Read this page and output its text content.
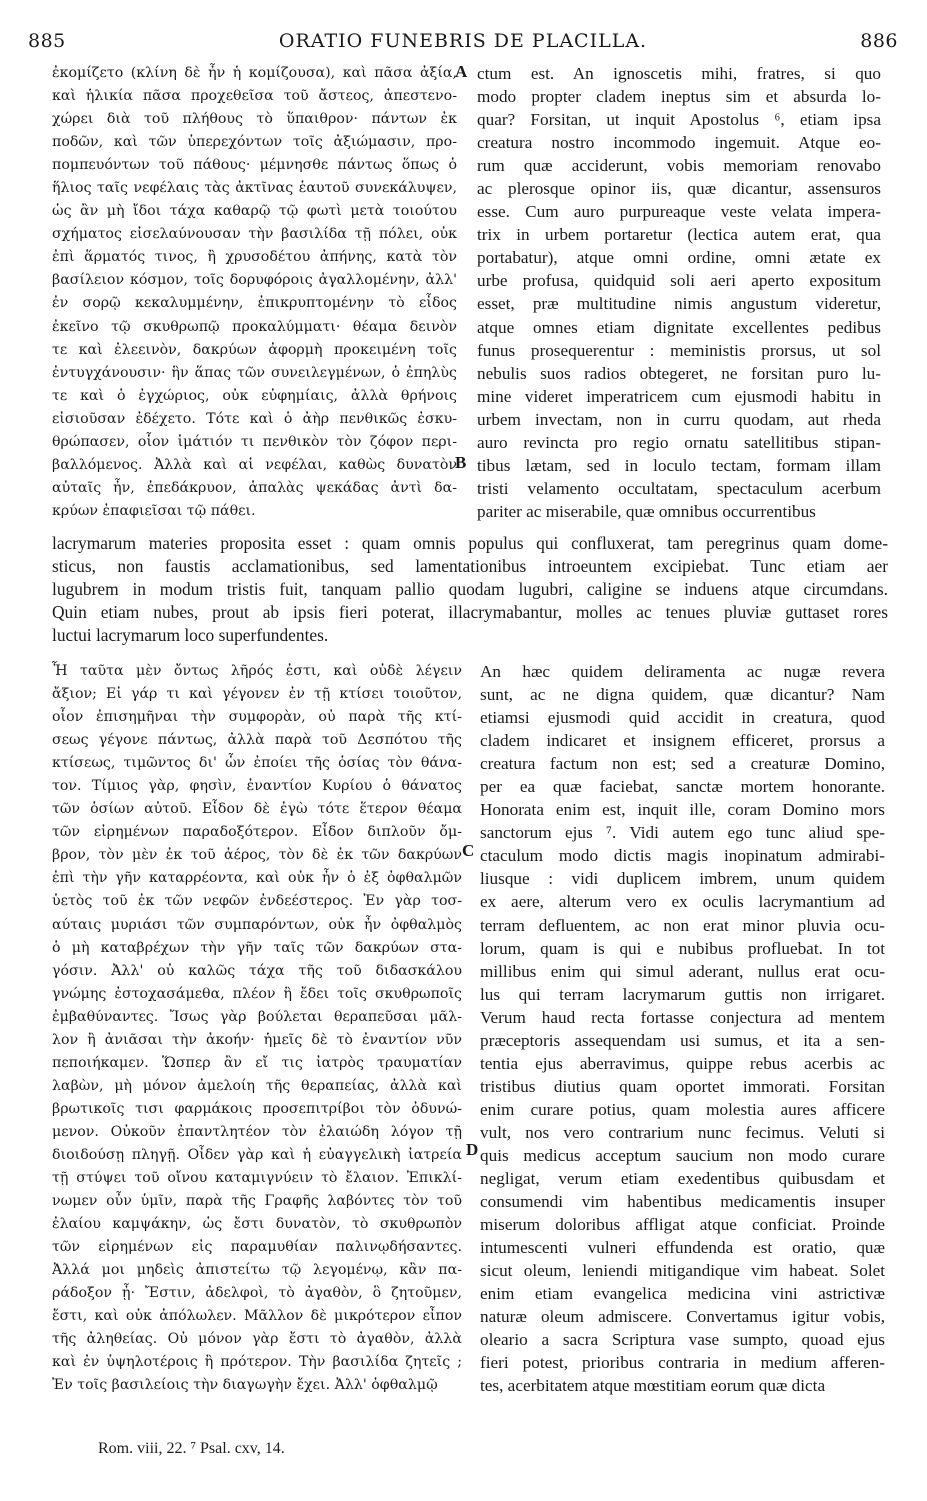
885	ORATIO FUNEBRIS DE PLACILLA.	886
ἐκομίζετο (κλίνη δὲ ἦν ἡ κομίζουσα), καὶ πᾶσα ἀξία,
καὶ ἡλικία πᾶσα προχεθεῖσα τοῦ ἄστεος, ἀπεστενο-
χώρει διὰ τοῦ πλήθους τὸ ὕπαιθρον· πάντων ἐκ
ποδῶν, καὶ τῶν ὑπερεχόντων τοῖς ἀξιώμασιν, προ-
πομπευόντων τοῦ πάθους· μέμνησθε πάντως ὅπως ὁ
ἥλιος ταῖς νεφέλαις τὰς ἀκτῖνας ἑαυτοῦ συνεκάλυψεν,
ὡς ἂν μὴ ἴδοι τάχα καθαρῷ τῷ φωτὶ μετὰ τοιούτου
σχήματος εἰσελαύνουσαν τὴν βασιλίδα τῇ πόλει, οὐκ
ἐπὶ ἅρματός τινος, ἢ χρυσοδέτου ἀπήνης, κατὰ τὸν
βασίλειον κόσμον, τοῖς δορυφόροις ἀγαλλομένην, ἀλλ'
ἐν σορῷ κεκαλυμμένην, ἐπικρυπτομένην τὸ εἶδος
ἐκεῖνο τῷ σκυθρωπῷ προκαλύμματι· θέαμα δεινὸν
τε καὶ ἐλεεινὸν, δακρύων ἀφορμὴ προκειμένη τοῖς
ἐντυγχάνουσιν· ἣν ἅπας τῶν συνειλεγμένων, ὁ ἐπηλὺς
τε καὶ ὁ ἐγχώριος, οὐκ εὐφημίαις, ἀλλὰ θρήνοις
εἰσιοῦσαν ἐδέχετο. Τότε καὶ ὁ ἀὴρ πενθικῶς ἐσκυ-
θρώπασεν, οἷον ἱμάτιόν τι πενθικὸν τὸν ζόφον περι-
βαλλόμενος. Ἀλλὰ καὶ αἱ νεφέλαι, καθὼς δυνατὸν
αὐταῖς ἦν, ἐπεδάκρυον, ἁπαλὰς ψεκάδας ἀντὶ δα-
κρύων ἐπαφιεῖσαι τῷ πάθει.
ctum est. An ignoscetis mihi, fratres, si quo
modo propter cladem ineptus sim et absurda lo-
quar? Forsitan, ut inquit Apostolus ⁶, etiam ipsa
creatura nostro incommodo ingemuit. Atque eo-
rum quæ acciderunt, vobis memoriam renovabo
ac plerosque opinor iis, quæ dicantur, assensuros
esse. Cum auro purpureaque veste velata impera-
trix in urbem portaretur (lectica autem erat, qua
portabatur), atque omni ordine, omni ætate ex
urbe profusa, quidquid soli aeri aperto expositum
esset, præ multitudine nimis angustum videretur,
atque omnes etiam dignitate excellentes pedibus
funus prosequerentur : meministis prorsus, ut sol
nebulis suos radios obtegeret, ne forsitan puro lu-
mine videret imperatricem cum ejusmodi habitu in
urbem invectam, non in curru quodam, aut rheda
auro revincta pro regio ornatu satellitibus stipan-
tibus lætam, sed in loculo tectam, formam illam
tristi velamento occultatam, spectaculum acerbum
pariter ac miserabile, quæ omnibus occurrentibus
lacrymarum materies proposita esset : quam omnis populus qui confluxerat, tam peregrinus quam dome-
sticus, non faustis acclamationibus, sed lamentationibus introeuntem excipiebat. Tunc etiam aer
lugubrem in modum tristis fuit, tanquam pallio quodam lugubri, caligine se induens atque circumdans.
Quin etiam nubes, prout ab ipsis fieri poterat, illacrymabantur, molles ac tenues pluviæ guttaset rores
luctui lacrymarum loco superfundentes.
Ἦ ταῦτα μὲν ὄντως λῆρός ἐστι, καὶ οὐδὲ λέγειν
ἄξιον; Εἰ γάρ τι καὶ γέγονεν ἐν τῇ κτίσει τοιοῦτον,
οἷον ἐπισημῆναι τὴν συμφορὰν, οὐ παρὰ τῆς κτί-
σεως γέγονε πάντως, ἀλλὰ παρὰ τοῦ Δεσπότου τῆς
κτίσεως, τιμῶντος δι' ὧν ἐποίει τῆς ὁσίας τὸν θάνα-
τον. Τίμιος γὰρ, φησὶν, ἐναντίον Κυρίου ὁ θάνατος
τῶν ὁσίων αὐτοῦ. Εἶδον δὲ ἐγὼ τότε ἕτερον θέαμα
τῶν εἰρημένων παραδοξότερον. Εἶδον διπλοῦν ὄμ-
βρον, τὸν μὲν ἐκ τοῦ ἀέρος, τὸν δὲ ἐκ τῶν δακρύων
ἐπὶ τὴν γῆν καταρρέοντα, καὶ οὐκ ἦν ὁ ἐξ ὀφθαλμῶν
ὑετὸς τοῦ ἐκ τῶν νεφῶν ἐνδεέστερος. Ἐν γὰρ τοσ-
αύταις μυριάσι τῶν συμπαρόντων, οὐκ ἦν ὀφθαλμὸς
ὁ μὴ καταβρέχων τὴν γῆν ταῖς τῶν δακρύων στα-
γόσιν. Ἀλλ' οὐ καλῶς τάχα τῆς τοῦ διδασκάλου
γνώμης ἐστοχασάμεθα, πλέον ἢ ἔδει τοῖς σκυθρωποῖς
ἐμβαθύναντες. Ἴσως γὰρ βούλεται θεραπεῦσαι μᾶλ-
λον ἢ ἀνιᾶσαι τὴν ἀκοήν· ἡμεῖς δὲ τὸ ἐναντίον νῦν
πεποιήκαμεν. Ὥσπερ ἂν εἴ τις ἰατρὸς τραυματίαν
λαβὼν, μὴ μόνον ἀμελοίη τῆς θεραπείας, ἀλλὰ καὶ
βρωτικοῖς τισι φαρμάκοις προσεπιτρίβοι τὸν ὀδυνώ-
μενον. Οὐκοῦν ἐπαντλητέον τὸν ἐλαιώδη λόγον τῇ
διοιδούσῃ πληγῇ. Οἶδεν γὰρ καὶ ἡ εὐαγγελικὴ ἰατρεία
τῇ στύψει τοῦ οἴνου καταμιγνύειν τὸ ἔλαιον. Ἐπικλί-
νωμεν οὖν ὑμῖν, παρὰ τῆς Γραφῆς λαβόντες τὸν τοῦ
ἐλαίου καμψάκην, ὡς ἔστι δυνατὸν, τὸ σκυθρωπὸν
τῶν εἰρημένων εἰς παραμυθίαν παλινῳδήσαντες.
Ἀλλά μοι μηδεὶς ἀπιστείτω τῷ λεγομένῳ, κἂν πα-
ράδοξον ᾖ· Ἔστιν, ἀδελφοὶ, τὸ ἀγαθὸν, ὃ ζητοῦμεν,
ἔστι, καὶ οὐκ ἀπόλωλεν. Μᾶλλον δὲ μικρότερον εἶπον
τῆς ἀληθείας. Οὐ μόνον γὰρ ἔστι τὸ ἀγαθὸν, ἀλλὰ
καὶ ἐν ὑψηλοτέροις ἢ πρότερον. Τὴν βασιλίδα ζητεῖς ;
Ἐν τοῖς βασιλείοις τὴν διαγωγὴν ἔχει. Ἀλλ' ὀφθαλμῷ
An hæc quidem deliramenta ac nugæ revera
sunt, ac ne digna quidem, quæ dicantur? Nam
etiamsi ejusmodi quid accidit in creatura, quod
cladem indicaret et insignem efficeret, prorsus a
creatura factum non est; sed a creaturæ Domino,
per ea quæ faciebat, sanctæ mortem honorante.
Honorata enim est, inquit ille, coram Domino mors
sanctorum ejus ⁷. Vidi autem ego tunc aliud spe-
ctaculum modo dictis magis inopinatum admirabi-
liusque : vidi duplicem imbrem, unum quidem
ex aere, alterum vero ex oculis lacrymantium ad
terram defluentem, ac non erat minor pluvia ocu-
lorum, quam is qui e nubibus profluebat. In tot
millibus enim qui simul aderant, nullus erat ocu-
lus qui terram lacrymarum guttis non irrigaret.
Verum haud recta fortasse conjectura ad mentem
præceptoris assequendam usi sumus, et ita a sen-
tentia ejus aberravimus, quippe rebus acerbis ac
tristibus diutius quam oportet immorati. Forsitan
enim curare potius, quam molestia aures afficere
vult, nos vero contrarium nunc fecimus. Veluti si
quis medicus acceptum saucium non modo curare
negligat, verum etiam exedentibus quibusdam et
consumendi vim habentibus medicamentis insuper
miserum doloribus affligat atque conficiat. Proinde
intumescenti vulneri effundenda est oratio, quæ
sicut oleum, leniendi mitigandique vim habeat. Solet
enim etiam evangelica medicina vini astrictivæ
naturæ oleum admiscere. Convertamus igitur vobis,
oleario a sacra Scriptura vase sumpto, quoad ejus
fieri potest, prioribus contraria in medium afferen-
tes, acerbitatem atque mœstitiam eorum quæ dicta
A
B
C
D
Rom. viii, 22. ⁷ Psal. cxv, 14.
